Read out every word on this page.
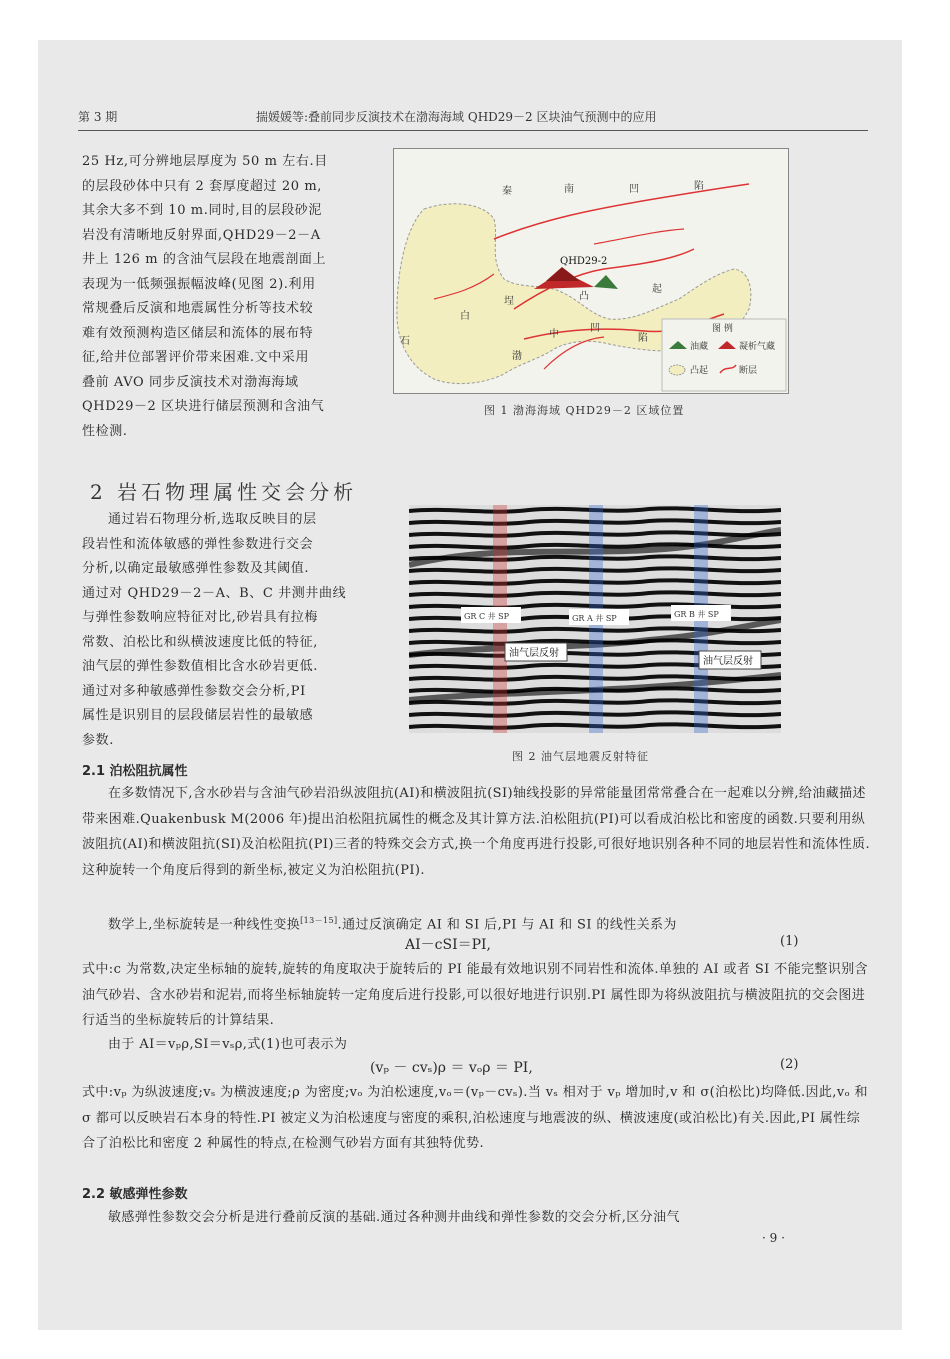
第 3 期	揣媛媛等:叠前同步反演技术在渤海海域 QHD29－2 区块油气预测中的应用
25 Hz,可分辨地层厚度为 50 m 左右.目
的层段砂体中只有 2 套厚度超过 20 m,
其余大多不到 10 m.同时,目的层段砂泥
岩没有清晰地反射界面,QHD29－2－A
井上 126 m 的含油气层段在地震剖面上
表现为一低频强振幅波峰(见图 2).利用
常规叠后反演和地震属性分析等技术较
难有效预测构造区储层和流体的展布特
征,给井位部署评价带来困难.文中采用
叠前 AVO 同步反演技术对渤海海域
QHD29－2 区块进行储层预测和含油气
性检测.
秦	南	凹	陷
QHD29-2
埕	凸
起
白
石
中
凹
陷
渤
图 例
油藏	凝析气藏
凸起	断层
图 1 渤海海域 QHD29－2 区域位置
2 岩石物理属性交会分析
通过岩石物理分析,选取反映目的层
段岩性和流体敏感的弹性参数进行交会
分析,以确定最敏感弹性参数及其阈值.
通过对 QHD29－2－A、B、C 井测井曲线
与弹性参数响应特征对比,砂岩具有拉梅
常数、泊松比和纵横波速度比低的特征,
油气层的弹性参数值相比含水砂岩更低.
通过对多种敏感弹性参数交会分析,PI
属性是识别目的层段储层岩性的最敏感
参数.
GR C 井 SP	GR A 井 SP	GR B 井 SP
油气层反射
油气层反射
图 2 油气层地震反射特征
2.1 泊松阻抗属性
在多数情况下,含水砂岩与含油气砂岩沿纵波阻抗(AI)和横波阻抗(SI)轴线投影的异常能量团常常叠合在一起难以分辨,给油藏描述带来困难.Quakenbusk M(2006 年)提出泊松阻抗属性的概念及其计算方法.泊松阻抗(PI)可以看成泊松比和密度的函数.只要利用纵波阻抗(AI)和横波阻抗(SI)及泊松阻抗(PI)三者的特殊交会方式,换一个角度再进行投影,可很好地识别各种不同的地层岩性和流体性质.这种旋转一个角度后得到的新坐标,被定义为泊松阻抗(PI).
数学上,坐标旋转是一种线性变换[13－15].通过反演确定 AI 和 SI 后,PI 与 AI 和 SI 的线性关系为
AI－cSI＝PI,	(1)
式中:c 为常数,决定坐标轴的旋转,旋转的角度取决于旋转后的 PI 能最有效地识别不同岩性和流体.单独的 AI 或者 SI 不能完整识别含油气砂岩、含水砂岩和泥岩,而将坐标轴旋转一定角度后进行投影,可以很好地进行识别.PI 属性即为将纵波阻抗与横波阻抗的交会图进行适当的坐标旋转后的计算结果.
由于 AI＝vₚρ,SI＝vₛρ,式(1)也可表示为
(vₚ － cvₛ)ρ ＝ vₒρ ＝ PI,	(2)
式中:vₚ 为纵波速度;vₛ 为横波速度;ρ 为密度;vₒ 为泊松速度,vₒ＝(vₚ－cvₛ).当 vₛ 相对于 vₚ 增加时,v 和 σ(泊松比)均降低.因此,vₒ 和 σ 都可以反映岩石本身的特性.PI 被定义为泊松速度与密度的乘积,泊松速度与地震波的纵、横波速度(或泊松比)有关.因此,PI 属性综合了泊松比和密度 2 种属性的特点,在检测气砂岩方面有其独特优势.
2.2 敏感弹性参数
敏感弹性参数交会分析是进行叠前反演的基础.通过各种测井曲线和弹性参数的交会分析,区分油气
· 9 ·
